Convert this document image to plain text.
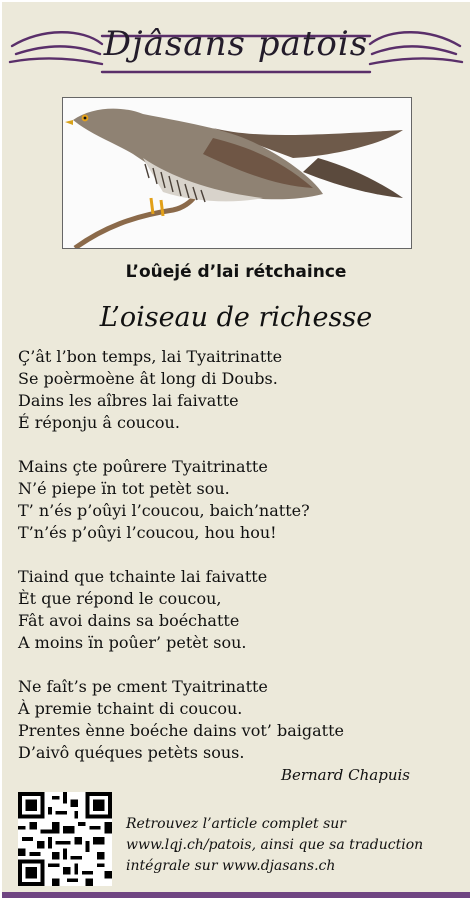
Djâsans patois
L’oûejé d’lai rétchaince
L’oiseau de richesse
Ç’ât l’bon temps, lai Tyaitrinatte
Se poèrmoène ât long di Doubs.
Dains les aîbres lai faivatte
É réponju â coucou.
Mains çte poûrere Tyaitrinatte
N’é piepe ïn tot petèt sou.
T’ n’és p’oûyi l’coucou, baich’natte?
T’n’és p’oûyi l’coucou, hou hou!
Tiaind que tchainte lai faivatte
Èt que répond le coucou,
Fât avoi dains sa boéchatte
A moins ïn poûer’ petèt sou.
Ne faît’s pe cment Tyaitrinatte
À premie tchaint di coucou.
Prentes ènne boéche dains vot’ baigatte
D’aivô quéques petèts sous.
Bernard Chapuis
Retrouvez l’article complet sur
www.lqj.ch/patois, ainsi que sa traduction
intégrale sur www.djasans.ch
